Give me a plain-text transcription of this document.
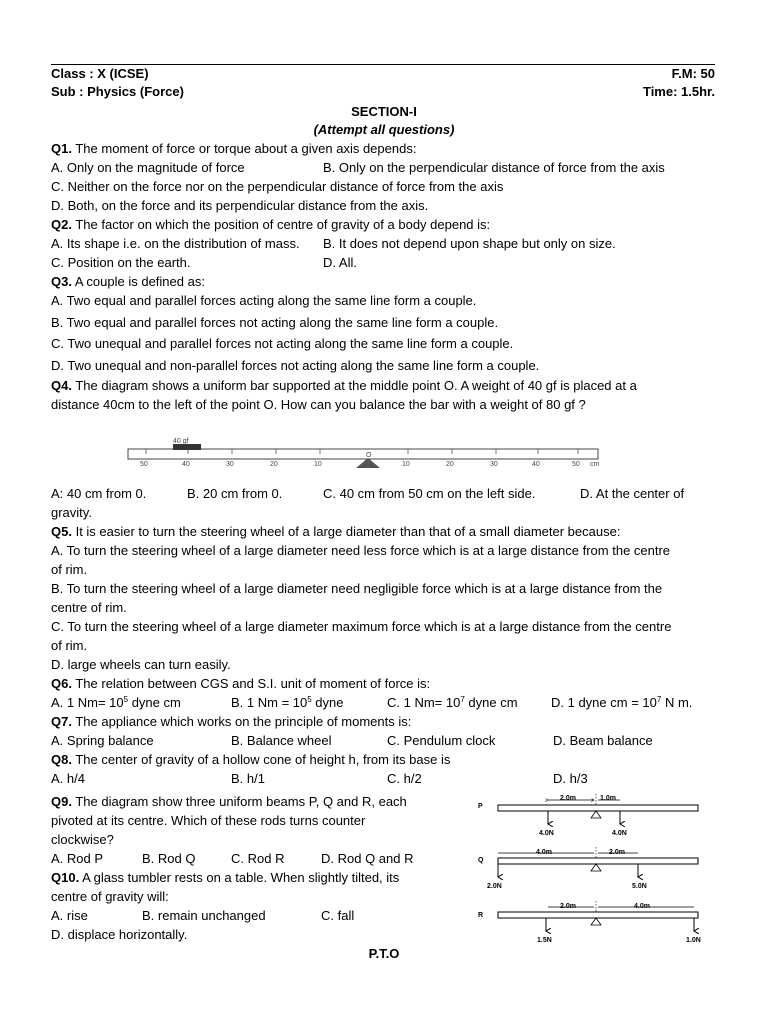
Class : X (ICSE)
Sub : Physics (Force)
F.M: 50
Time: 1.5hr.
SECTION-I
(Attempt all questions)
Q1. The moment of force or torque about a given axis depends:
A. Only on the magnitude of force	B. Only on the perpendicular distance of force from the axis
C. Neither on the force nor on the perpendicular distance of force from the axis
D. Both, on the force and its perpendicular distance from the axis.
Q2. The factor on which the position of centre of gravity of a body depend is:
A. Its shape i.e. on the distribution of mass. B. It does not depend upon shape but only on size.
C. Position on the earth.	D. All.
Q3. A couple is defined as:
A. Two equal and parallel forces acting along the same line form a couple.
B. Two equal and parallel forces not acting along the same line form a couple.
C. Two unequal and parallel forces not acting along the same line form a couple.
D. Two unequal and non-parallel forces not acting along the same line form a couple.
Q4. The diagram shows a uniform bar supported at the middle point O. A weight of 40 gf is placed at a
distance 40cm to the left of the point O. How can you balance the bar with a weight of 80 gf ?
40 gf
O
50	40	30	20	10	10	20	30	40	50 cm
A: 40 cm from 0.	B. 20 cm from 0.	C. 40 cm from 50 cm on the left side.	D. At the center of
gravity.
Q5. It is easier to turn the steering wheel of a large diameter than that of a small diameter because:
A. To turn the steering wheel of a large diameter need less force which is at a large distance from the centre
of rim.
B. To turn the steering wheel of a large diameter need negligible force which is at a large distance from the
centre of rim.
C. To turn the steering wheel of a large diameter maximum force which is at a large distance from the centre
of rim.
D. large wheels can turn easily.
Q6. The relation between CGS and S.I. unit of moment of force is:
A. 1 $Nm= 10^5$ dyne cm	B. 1 $Nm = 10^5$ dyne	C. 1 $Nm= 10^7$ dyne cm	D. 1 dyne cm = $10^7$ N m.
Q7. The appliance which works on the principle of moments is:
A. Spring balance	B. Balance wheel	C. Pendulum clock	D. Beam balance
Q8. The center of gravity of a hollow cone of height h, from its base is
A. h/4	B. h/1	C. h/2	D. h/3
Q9. The diagram show three uniform beams P, Q and R, each
pivoted at its centre. Which of these rods turns counter
clockwise?
A. Rod P	B. Rod Q	C. Rod R	D. Rod Q and R
Q10. A glass tumbler rests on a table. When slightly tilted, its
centre of gravity will:
A. rise	B. remain unchanged	C. fall
D. displace horizontally.
P
2.0m	1.0m
4.0N	4.0N
Q
4.0m	2.0m
2.0N	5.0N
R
2.0m	4.0m
1.5N	1.0N
P.T.O
